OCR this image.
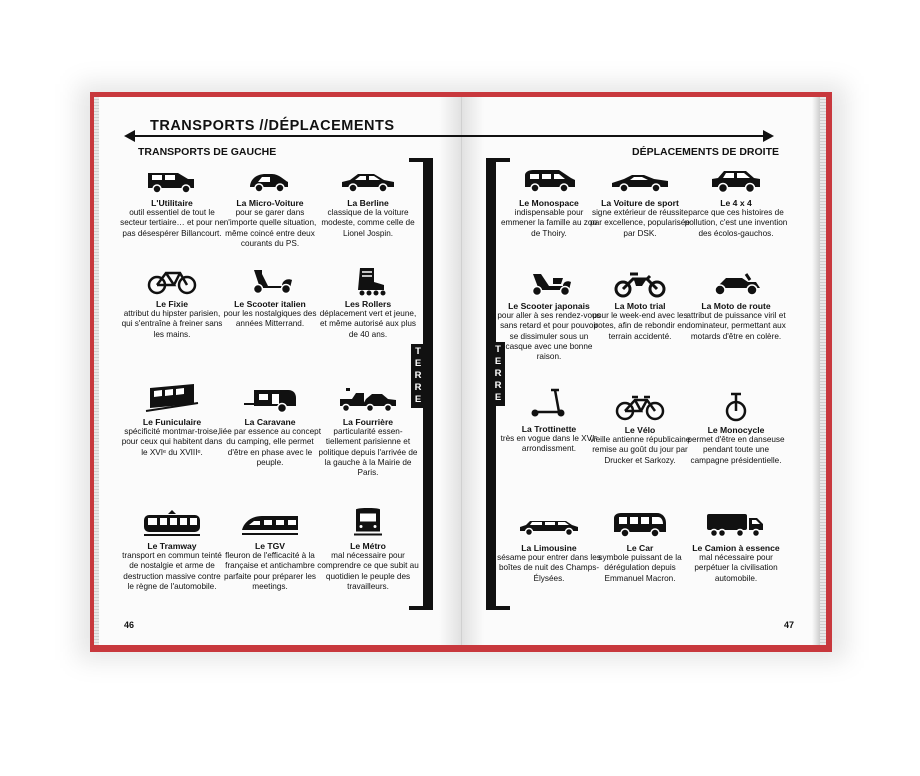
TRANSPORTS //DÉPLACEMENTS
TRANSPORTS DE GAUCHE	DÉPLACEMENTS DE DROITE
L'Utilitaire
outil essentiel de tout le secteur tertiaire… et pour ne pas désespérer Billancourt.
La Micro-Voiture
pour se garer dans n'importe quelle situation, même coincé entre deux courants du PS.
La Berline
classique de la voiture modeste, comme celle de Lionel Jospin.
Le Fixie
attribut du hipster parisien, qui s'entraîne à freiner sans les mains.
Le Scooter italien
pour les nostalgiques des années Mitterrand.
Les Rollers
déplacement vert et jeune, et même autorisé aux plus de 40 ans.
Le Funiculaire
spécificité montmar-troise, pour ceux qui habitent dans le XVIᵉ du XVIIIᵉ.
La Caravane
liée par essence au concept du camping, elle permet d'être en phase avec le peuple.
La Fourrière
particularité essen-tiellement parisienne et politique depuis l'arrivée de la gauche à la Mairie de Paris.
Le Tramway
transport en commun teinté de nostalgie et arme de destruction massive contre le règne de l'automobile.
Le TGV
fleuron de l'efficacité à la française et antichambre parfaite pour préparer les meetings.
Le Métro
mal nécessaire pour comprendre ce que subit au quotidien le peuple des travailleurs.
TERRE
TERRE
Le Monospace
indispensable pour emmener la famille au zoo de Thoiry.
La Voiture de sport
signe extérieur de réussite par excellence, popularisée par DSK.
Le 4 x 4
parce que ces histoires de pollution, c'est une invention des écolos-gauchos.
Le Scooter japonais
pour aller à ses rendez-vous sans retard et pour pouvoir se dissimuler sous un casque avec une bonne raison.
La Moto trial
pour le week-end avec les potes, afin de rebondir en terrain accidenté.
La Moto de route
attribut de puissance viril et dominateur, permettant aux motards d'être en colère.
La Trottinette
très en vogue dans le XVIᵉ arrondissment.
Le Vélo
vieille antienne républicaine remise au goût du jour par Drucker et Sarkozy.
Le Monocycle
permet d'être en danseuse pendant toute une campagne présidentielle.
La Limousine
sésame pour entrer dans les boîtes de nuit des Champs-Élysées.
Le Car
symbole puissant de la dérégulation depuis Emmanuel Macron.
Le Camion à essence
mal nécessaire pour perpétuer la civilisation automobile.
46	47
